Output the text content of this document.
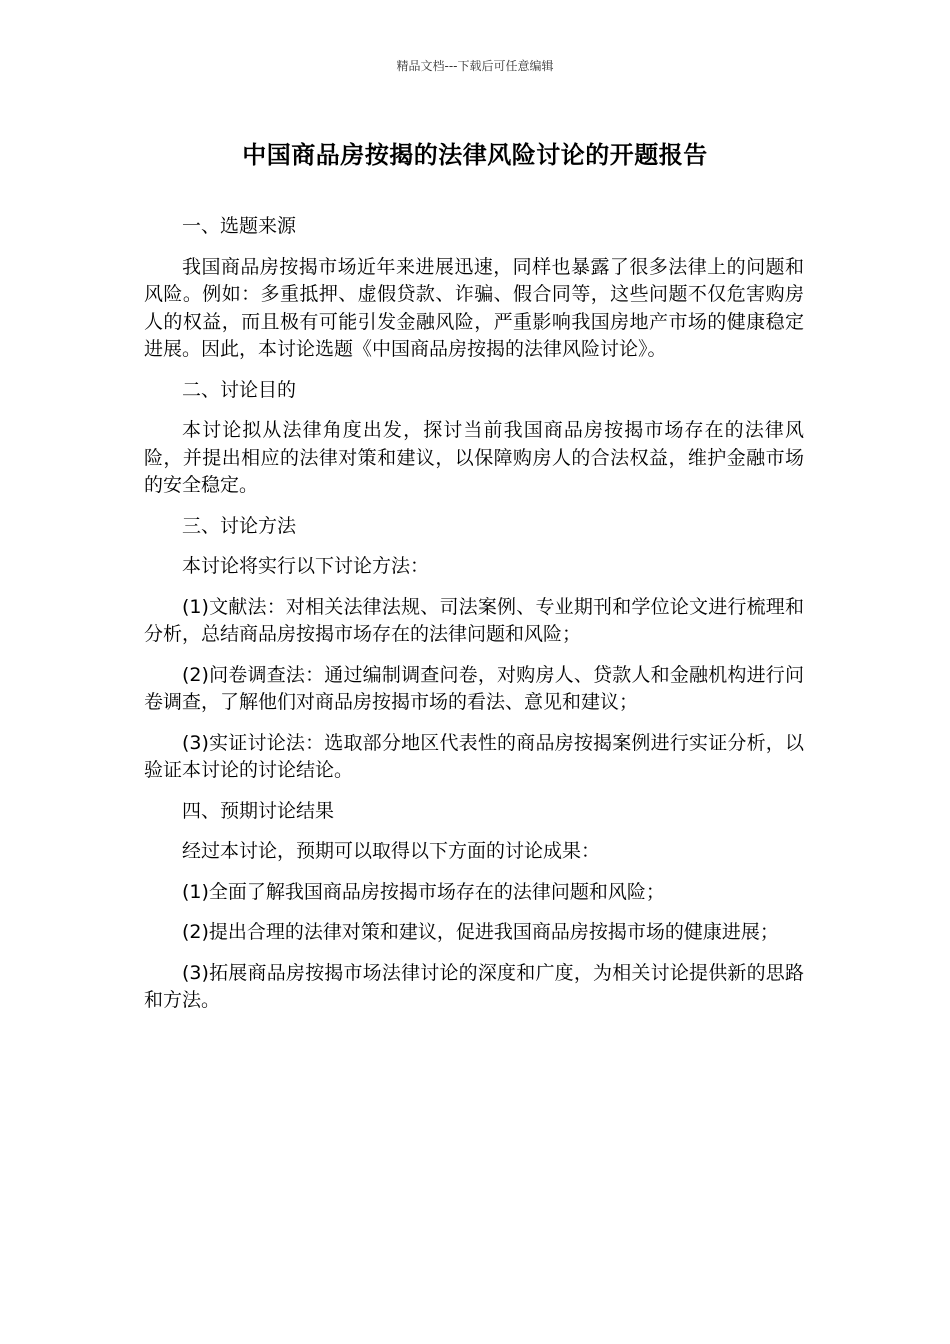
精品文档---下载后可任意编辑
中国商品房按揭的法律风险讨论的开题报告

一、选题来源

我国商品房按揭市场近年来进展迅速，同样也暴露了很多法律上的问题和风险。例如：多重抵押、虚假贷款、诈骗、假合同等，这些问题不仅危害购房人的权益，而且极有可能引发金融风险，严重影响我国房地产市场的健康稳定进展。因此，本讨论选题《中国商品房按揭的法律风险讨论》。

二、讨论目的

本讨论拟从法律角度出发，探讨当前我国商品房按揭市场存在的法律风险，并提出相应的法律对策和建议，以保障购房人的合法权益，维护金融市场的安全稳定。

三、讨论方法

本讨论将实行以下讨论方法：

(1)文献法：对相关法律法规、司法案例、专业期刊和学位论文进行梳理和分析，总结商品房按揭市场存在的法律问题和风险；

(2)问卷调查法：通过编制调查问卷，对购房人、贷款人和金融机构进行问卷调查，了解他们对商品房按揭市场的看法、意见和建议；

(3)实证讨论法：选取部分地区代表性的商品房按揭案例进行实证分析，以验证本讨论的讨论结论。

四、预期讨论结果

经过本讨论，预期可以取得以下方面的讨论成果：

(1)全面了解我国商品房按揭市场存在的法律问题和风险；

(2)提出合理的法律对策和建议，促进我国商品房按揭市场的健康进展；

(3)拓展商品房按揭市场法律讨论的深度和广度，为相关讨论提供新的思路和方法。
